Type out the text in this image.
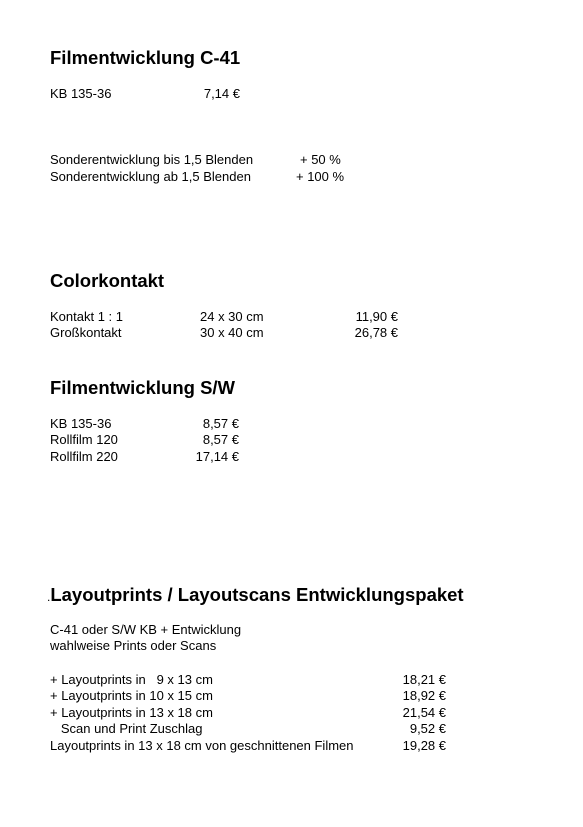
Filmentwicklung C-41
KB 135-36	7,14 €
Sonderentwicklung bis 1,5 Blenden	+ 50 %
Sonderentwicklung ab 1,5 Blenden	+ 100 %
Colorkontakt
Kontakt 1 : 1	24 x 30 cm	11,90 €
Großkontakt	30 x 40 cm	26,78 €
Filmentwicklung S/W
KB 135-36	8,57 €
Rollfilm 120	8,57 €
Rollfilm 220	17,14 €
.Layoutprints / Layoutscans Entwicklungspaket
C-41 oder S/W KB + Entwicklung
wahlweise Prints oder Scans
+ Layoutprints in   9 x 13 cm	18,21 €
+ Layoutprints in 10 x 15 cm	18,92 €
+ Layoutprints in 13 x 18 cm	21,54 €
Scan und Print Zuschlag	9,52 €
Layoutprints in 13 x 18 cm von geschnittenen Filmen	19,28 €
